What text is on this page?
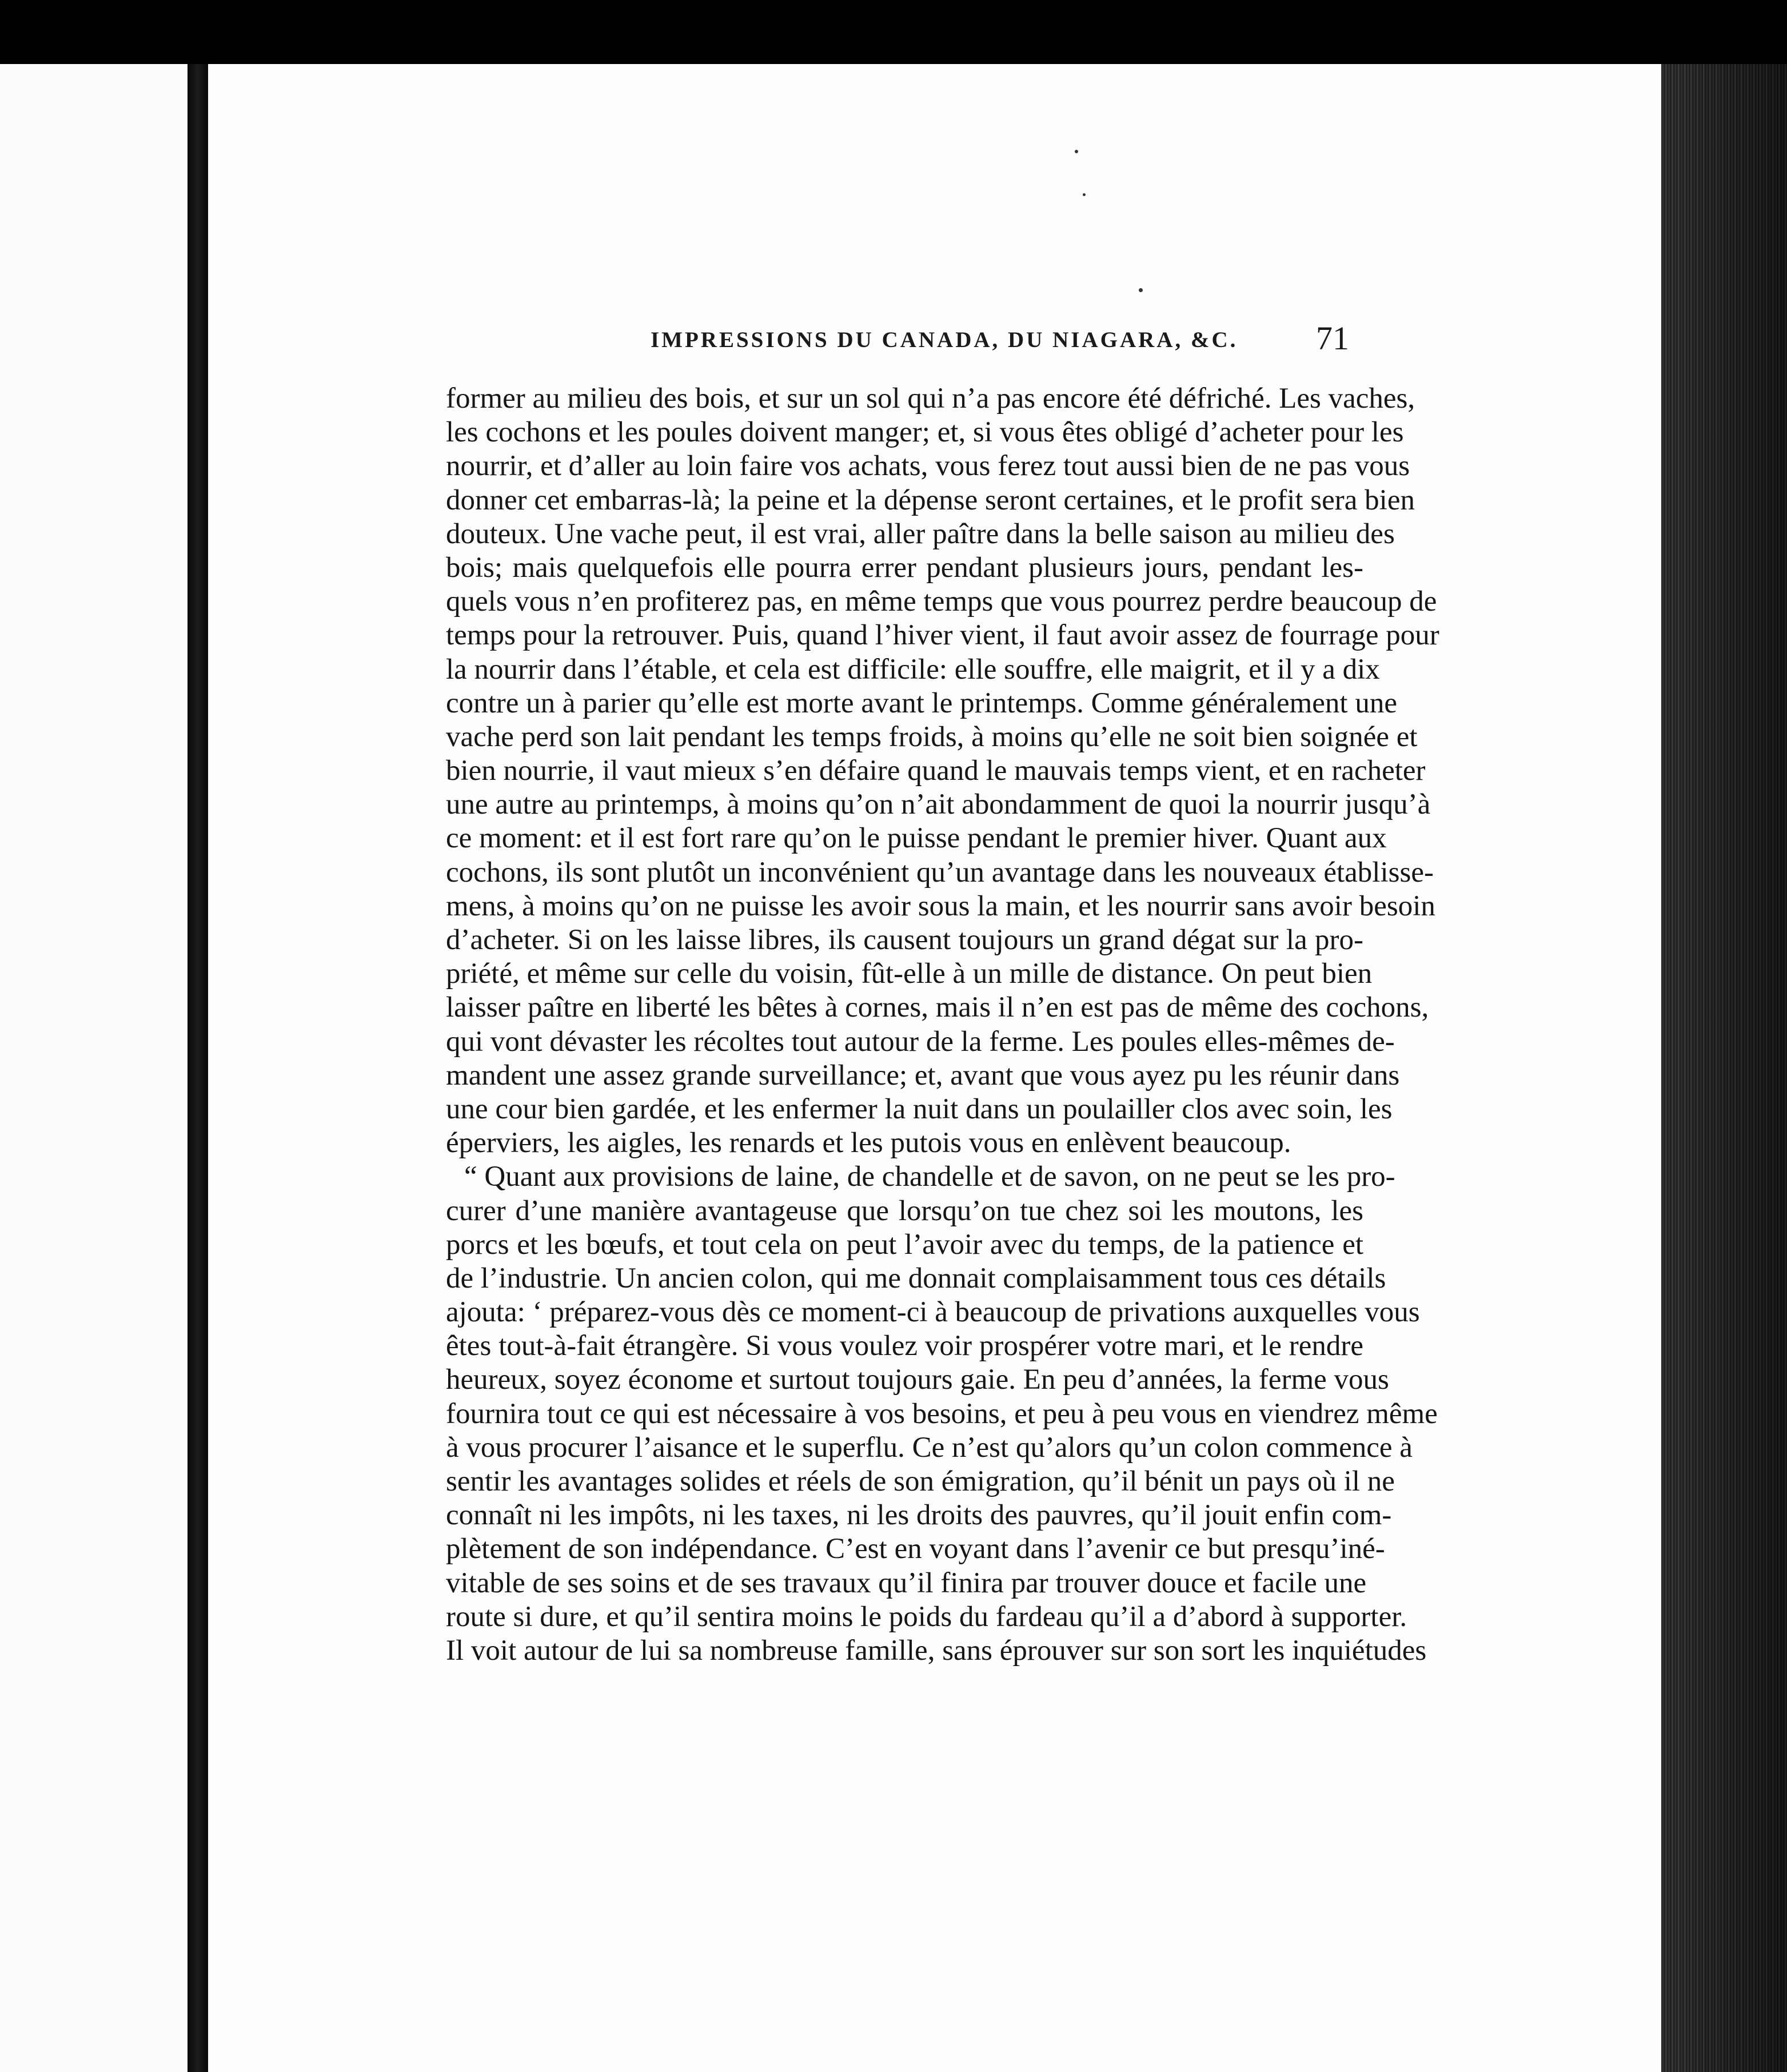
IMPRESSIONS DU CANADA, DU NIAGARA, &C. 71
former au milieu des bois, et sur un sol qui n’a pas encore été défriché. Les vaches,
les cochons et les poules doivent manger; et, si vous êtes obligé d’acheter pour les
nourrir, et d’aller au loin faire vos achats, vous ferez tout aussi bien de ne pas vous
donner cet embarras-là; la peine et la dépense seront certaines, et le profit sera bien
douteux. Une vache peut, il est vrai, aller paître dans la belle saison au milieu des
bois; mais quelquefois elle pourra errer pendant plusieurs jours, pendant les-
quels vous n’en profiterez pas, en même temps que vous pourrez perdre beaucoup de
temps pour la retrouver. Puis, quand l’hiver vient, il faut avoir assez de fourrage pour
la nourrir dans l’étable, et cela est difficile: elle souffre, elle maigrit, et il y a dix
contre un à parier qu’elle est morte avant le printemps. Comme généralement une
vache perd son lait pendant les temps froids, à moins qu’elle ne soit bien soignée et
bien nourrie, il vaut mieux s’en défaire quand le mauvais temps vient, et en racheter
une autre au printemps, à moins qu’on n’ait abondamment de quoi la nourrir jusqu’à
ce moment: et il est fort rare qu’on le puisse pendant le premier hiver. Quant aux
cochons, ils sont plutôt un inconvénient qu’un avantage dans les nouveaux établisse-
mens, à moins qu’on ne puisse les avoir sous la main, et les nourrir sans avoir besoin
d’acheter. Si on les laisse libres, ils causent toujours un grand dégat sur la pro-
priété, et même sur celle du voisin, fût-elle à un mille de distance. On peut bien
laisser paître en liberté les bêtes à cornes, mais il n’en est pas de même des cochons,
qui vont dévaster les récoltes tout autour de la ferme. Les poules elles-mêmes de-
mandent une assez grande surveillance; et, avant que vous ayez pu les réunir dans
une cour bien gardée, et les enfermer la nuit dans un poulailler clos avec soin, les
éperviers, les aigles, les renards et les putois vous en enlèvent beaucoup.
“ Quant aux provisions de laine, de chandelle et de savon, on ne peut se les pro-
curer d’une manière avantageuse que lorsqu’on tue chez soi les moutons, les
porcs et les bœufs, et tout cela on peut l’avoir avec du temps, de la patience et
de l’industrie. Un ancien colon, qui me donnait complaisamment tous ces détails
ajouta: ‘ préparez-vous dès ce moment-ci à beaucoup de privations auxquelles vous
êtes tout-à-fait étrangère. Si vous voulez voir prospérer votre mari, et le rendre
heureux, soyez économe et surtout toujours gaie. En peu d’années, la ferme vous
fournira tout ce qui est nécessaire à vos besoins, et peu à peu vous en viendrez même
à vous procurer l’aisance et le superflu. Ce n’est qu’alors qu’un colon commence à
sentir les avantages solides et réels de son émigration, qu’il bénit un pays où il ne
connaît ni les impôts, ni les taxes, ni les droits des pauvres, qu’il jouit enfin com-
plètement de son indépendance. C’est en voyant dans l’avenir ce but presqu’iné-
vitable de ses soins et de ses travaux qu’il finira par trouver douce et facile une
route si dure, et qu’il sentira moins le poids du fardeau qu’il a d’abord à supporter.
Il voit autour de lui sa nombreuse famille, sans éprouver sur son sort les inquiétudes
